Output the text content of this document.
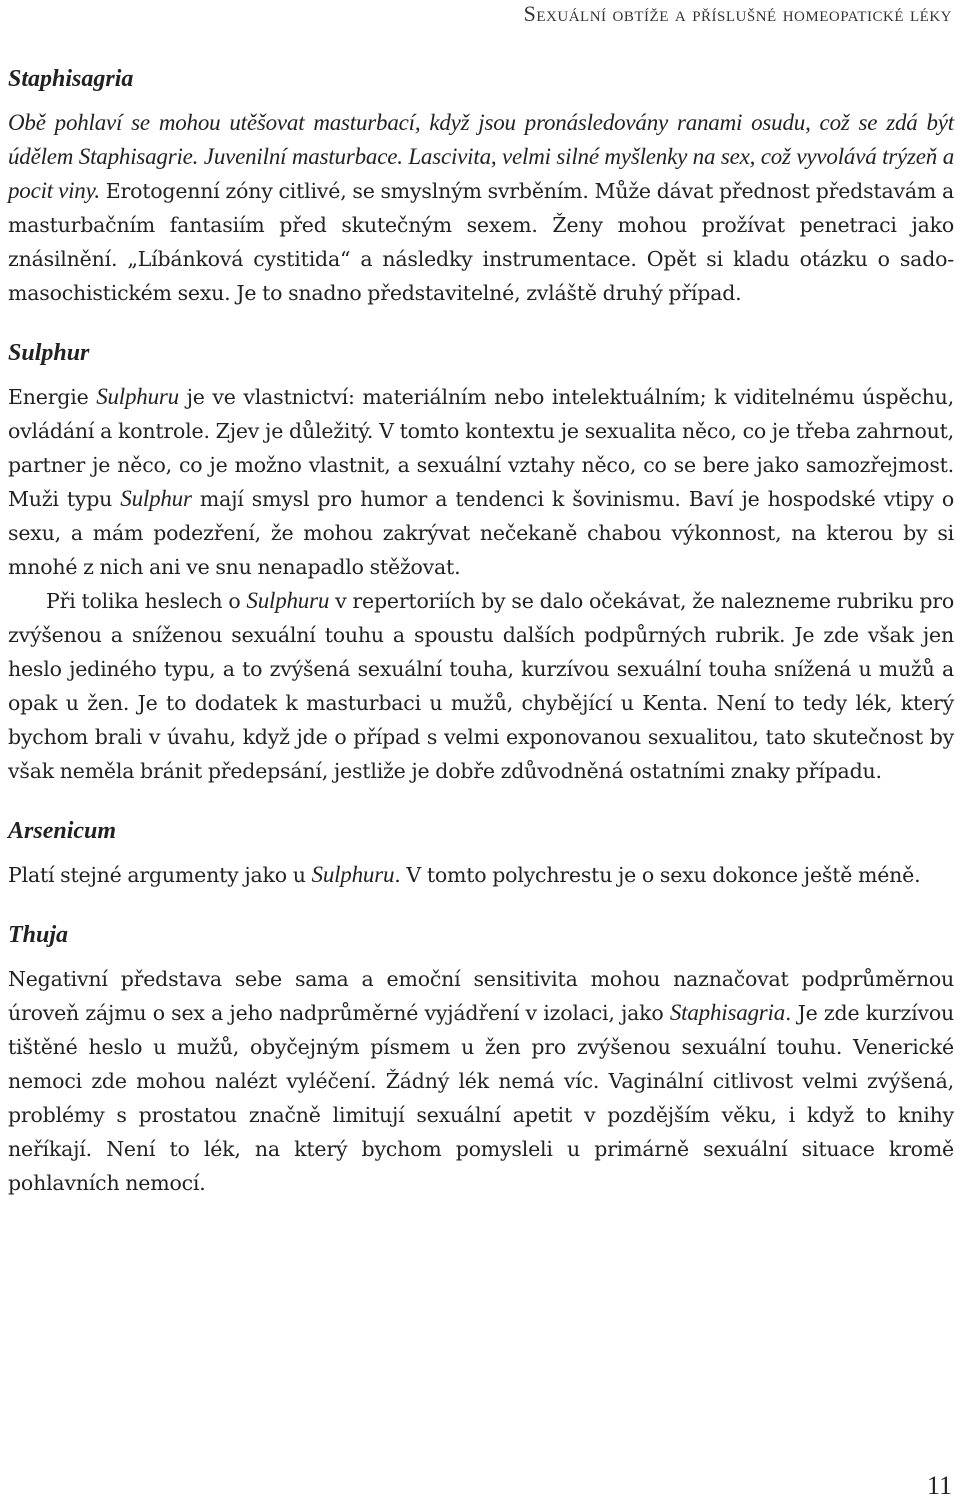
Sexuální obtíže a příslušné homeopatické léky
Staphisagria

Obě pohlaví se mohou utěšovat masturbací, když jsou pronásledovány ranami osudu, což se zdá být údělem Staphisagrie. Juvenilní masturbace. Lascivita, velmi silné myšlenky na sex, což vyvolává trýzeň a pocit viny. Erotogenní zóny citlivé, se smyslným svrběním. Může dávat přednost představám a masturbačním fantasiím před skutečným sexem. Ženy mohou prožívat penetraci jako znásilnění. „Líbánková cystitida“ a následky instrumentace. Opět si kladu otázku o sado-masochistickém sexu. Je to snadno představitelné, zvláště druhý případ.

Sulphur

Energie Sulphuru je ve vlastnictví: materiálním nebo intelektuálním; k viditelnému úspěchu, ovládání a kontrole. Zjev je důležitý. V tomto kontextu je sexualita něco, co je třeba zahrnout, partner je něco, co je možno vlastnit, a sexuální vztahy něco, co se bere jako samozřejmost. Muži typu Sulphur mají smysl pro humor a tendenci k šovinismu. Baví je hospodské vtipy o sexu, a mám podezření, že mohou zakrývat nečekaně chabou výkonnost, na kterou by si mnohé z nich ani ve snu nenapadlo stěžovat.

Při tolika heslech o Sulphuru v repertoriích by se dalo očekávat, že nalezneme rubriku pro zvýšenou a sníženou sexuální touhu a spoustu dalších podpůrných rubrik. Je zde však jen heslo jediného typu, a to zvýšená sexuální touha, kurzívou sexuální touha snížená u mužů a opak u žen. Je to dodatek k masturbaci u mužů, chybějící u Kenta. Není to tedy lék, který bychom brali v úvahu, když jde o případ s velmi exponovanou sexualitou, tato skutečnost by však neměla bránit předepsání, jestliže je dobře zdůvodněná ostatními znaky případu.

Arsenicum

Platí stejné argumenty jako u Sulphuru. V tomto polychrestu je o sexu dokonce ještě méně.

Thuja

Negativní představa sebe sama a emoční sensitivita mohou naznačovat podprůměrnou úroveň zájmu o sex a jeho nadprůměrné vyjádření v izolaci, jako Staphisagria. Je zde kurzívou tištěné heslo u mužů, obyčejným písmem u žen pro zvýšenou sexuální touhu. Venerické nemoci zde mohou nalézt vyléčení. Žádný lék nemá víc. Vaginální citlivost velmi zvýšená, problémy s prostatou značně limitují sexuální apetit v pozdějším věku, i když to knihy neříkají. Není to lék, na který bychom pomysleli u primárně sexuální situace kromě pohlavních nemocí.

11
